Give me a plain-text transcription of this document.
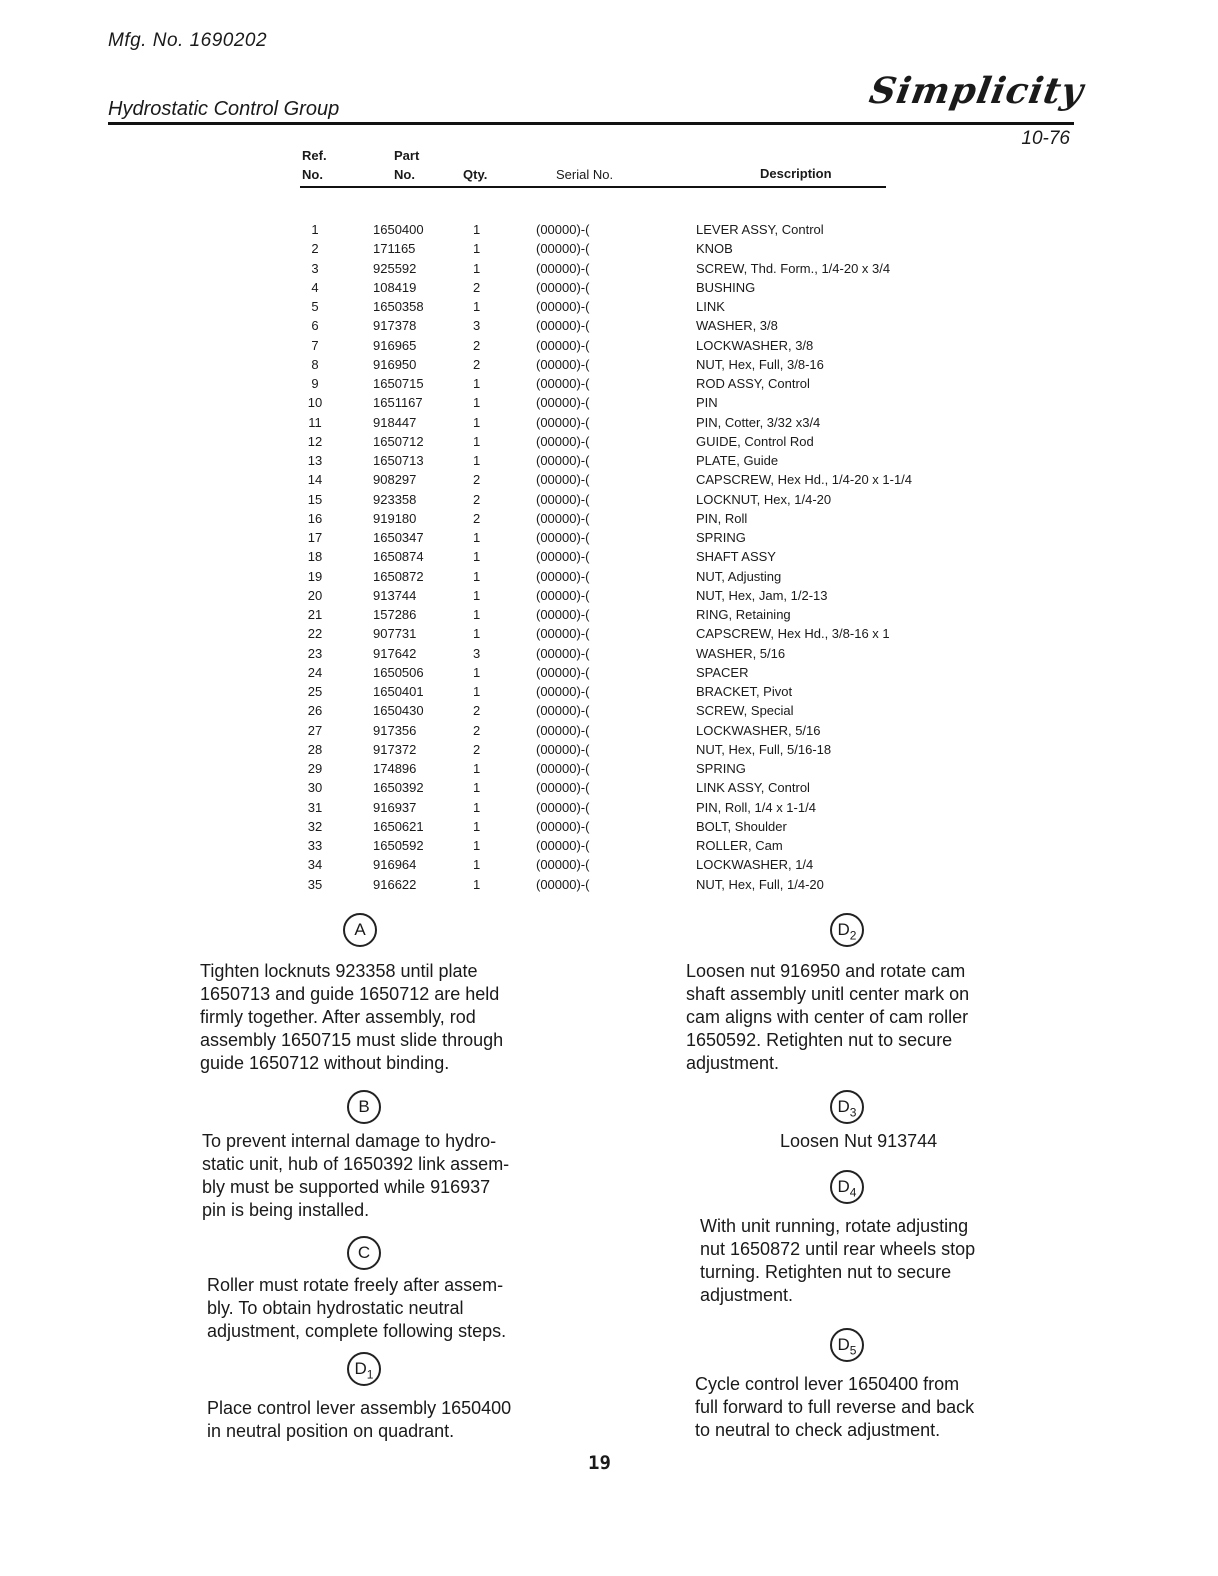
Mfg. No. 1690202
Hydrostatic Control Group	Simplicity
10-76
Ref.
No.
Part
No.	Qty.	Serial No.	Description
1	1650400	1	(00000)-(	LEVER ASSY, Control
2	171165	1	(00000)-(	KNOB
3	925592	1	(00000)-(	SCREW, Thd. Form., 1/4-20 x 3/4
4	108419	2	(00000)-(	BUSHING
5	1650358	1	(00000)-(	LINK
6	917378	3	(00000)-(	WASHER, 3/8
7	916965	2	(00000)-(	LOCKWASHER, 3/8
8	916950	2	(00000)-(	NUT, Hex, Full, 3/8-16
9	1650715	1	(00000)-(	ROD ASSY, Control
10	1651167	1	(00000)-(	PIN
11	918447	1	(00000)-(	PIN, Cotter, 3/32 x3/4
12	1650712	1	(00000)-(	GUIDE, Control Rod
13	1650713	1	(00000)-(	PLATE, Guide
14	908297	2	(00000)-(	CAPSCREW, Hex Hd., 1/4-20 x 1-1/4
15	923358	2	(00000)-(	LOCKNUT, Hex, 1/4-20
16	919180	2	(00000)-(	PIN, Roll
17	1650347	1	(00000)-(	SPRING
18	1650874	1	(00000)-(	SHAFT ASSY
19	1650872	1	(00000)-(	NUT, Adjusting
20	913744	1	(00000)-(	NUT, Hex, Jam, 1/2-13
21	157286	1	(00000)-(	RING, Retaining
22	907731	1	(00000)-(	CAPSCREW, Hex Hd., 3/8-16 x 1
23	917642	3	(00000)-(	WASHER, 5/16
24	1650506	1	(00000)-(	SPACER
25	1650401	1	(00000)-(	BRACKET, Pivot
26	1650430	2	(00000)-(	SCREW, Special
27	917356	2	(00000)-(	LOCKWASHER, 5/16
28	917372	2	(00000)-(	NUT, Hex, Full, 5/16-18
29	174896	1	(00000)-(	SPRING
30	1650392	1	(00000)-(	LINK ASSY, Control
31	916937	1	(00000)-(	PIN, Roll, 1/4 x 1-1/4
32	1650621	1	(00000)-(	BOLT, Shoulder
33	1650592	1	(00000)-(	ROLLER, Cam
34	916964	1	(00000)-(	LOCKWASHER, 1/4
35	916622	1	(00000)-(	NUT, Hex, Full, 1/4-20
A
Tighten locknuts 923358 until plate
1650713 and guide 1650712 are held
firmly together. After assembly, rod
assembly 1650715 must slide through
guide 1650712 without binding.
B
To prevent internal damage to hydro-
static unit, hub of 1650392 link assem-
bly must be supported while 916937
pin is being installed.
C
Roller must rotate freely after assem-
bly. To obtain hydrostatic neutral
adjustment, complete following steps.
$D_1$
Place control lever assembly 1650400
in neutral position on quadrant.
$D_2$
Loosen nut 916950 and rotate cam
shaft assembly unitl center mark on
cam aligns with center of cam roller
1650592. Retighten nut to secure
adjustment.
$D_3$
Loosen Nut 913744
$D_4$
With unit running, rotate adjusting
nut 1650872 until rear wheels stop
turning. Retighten nut to secure
adjustment.
$D_5$
Cycle control lever 1650400 from
full forward to full reverse and back
to neutral to check adjustment.
19
